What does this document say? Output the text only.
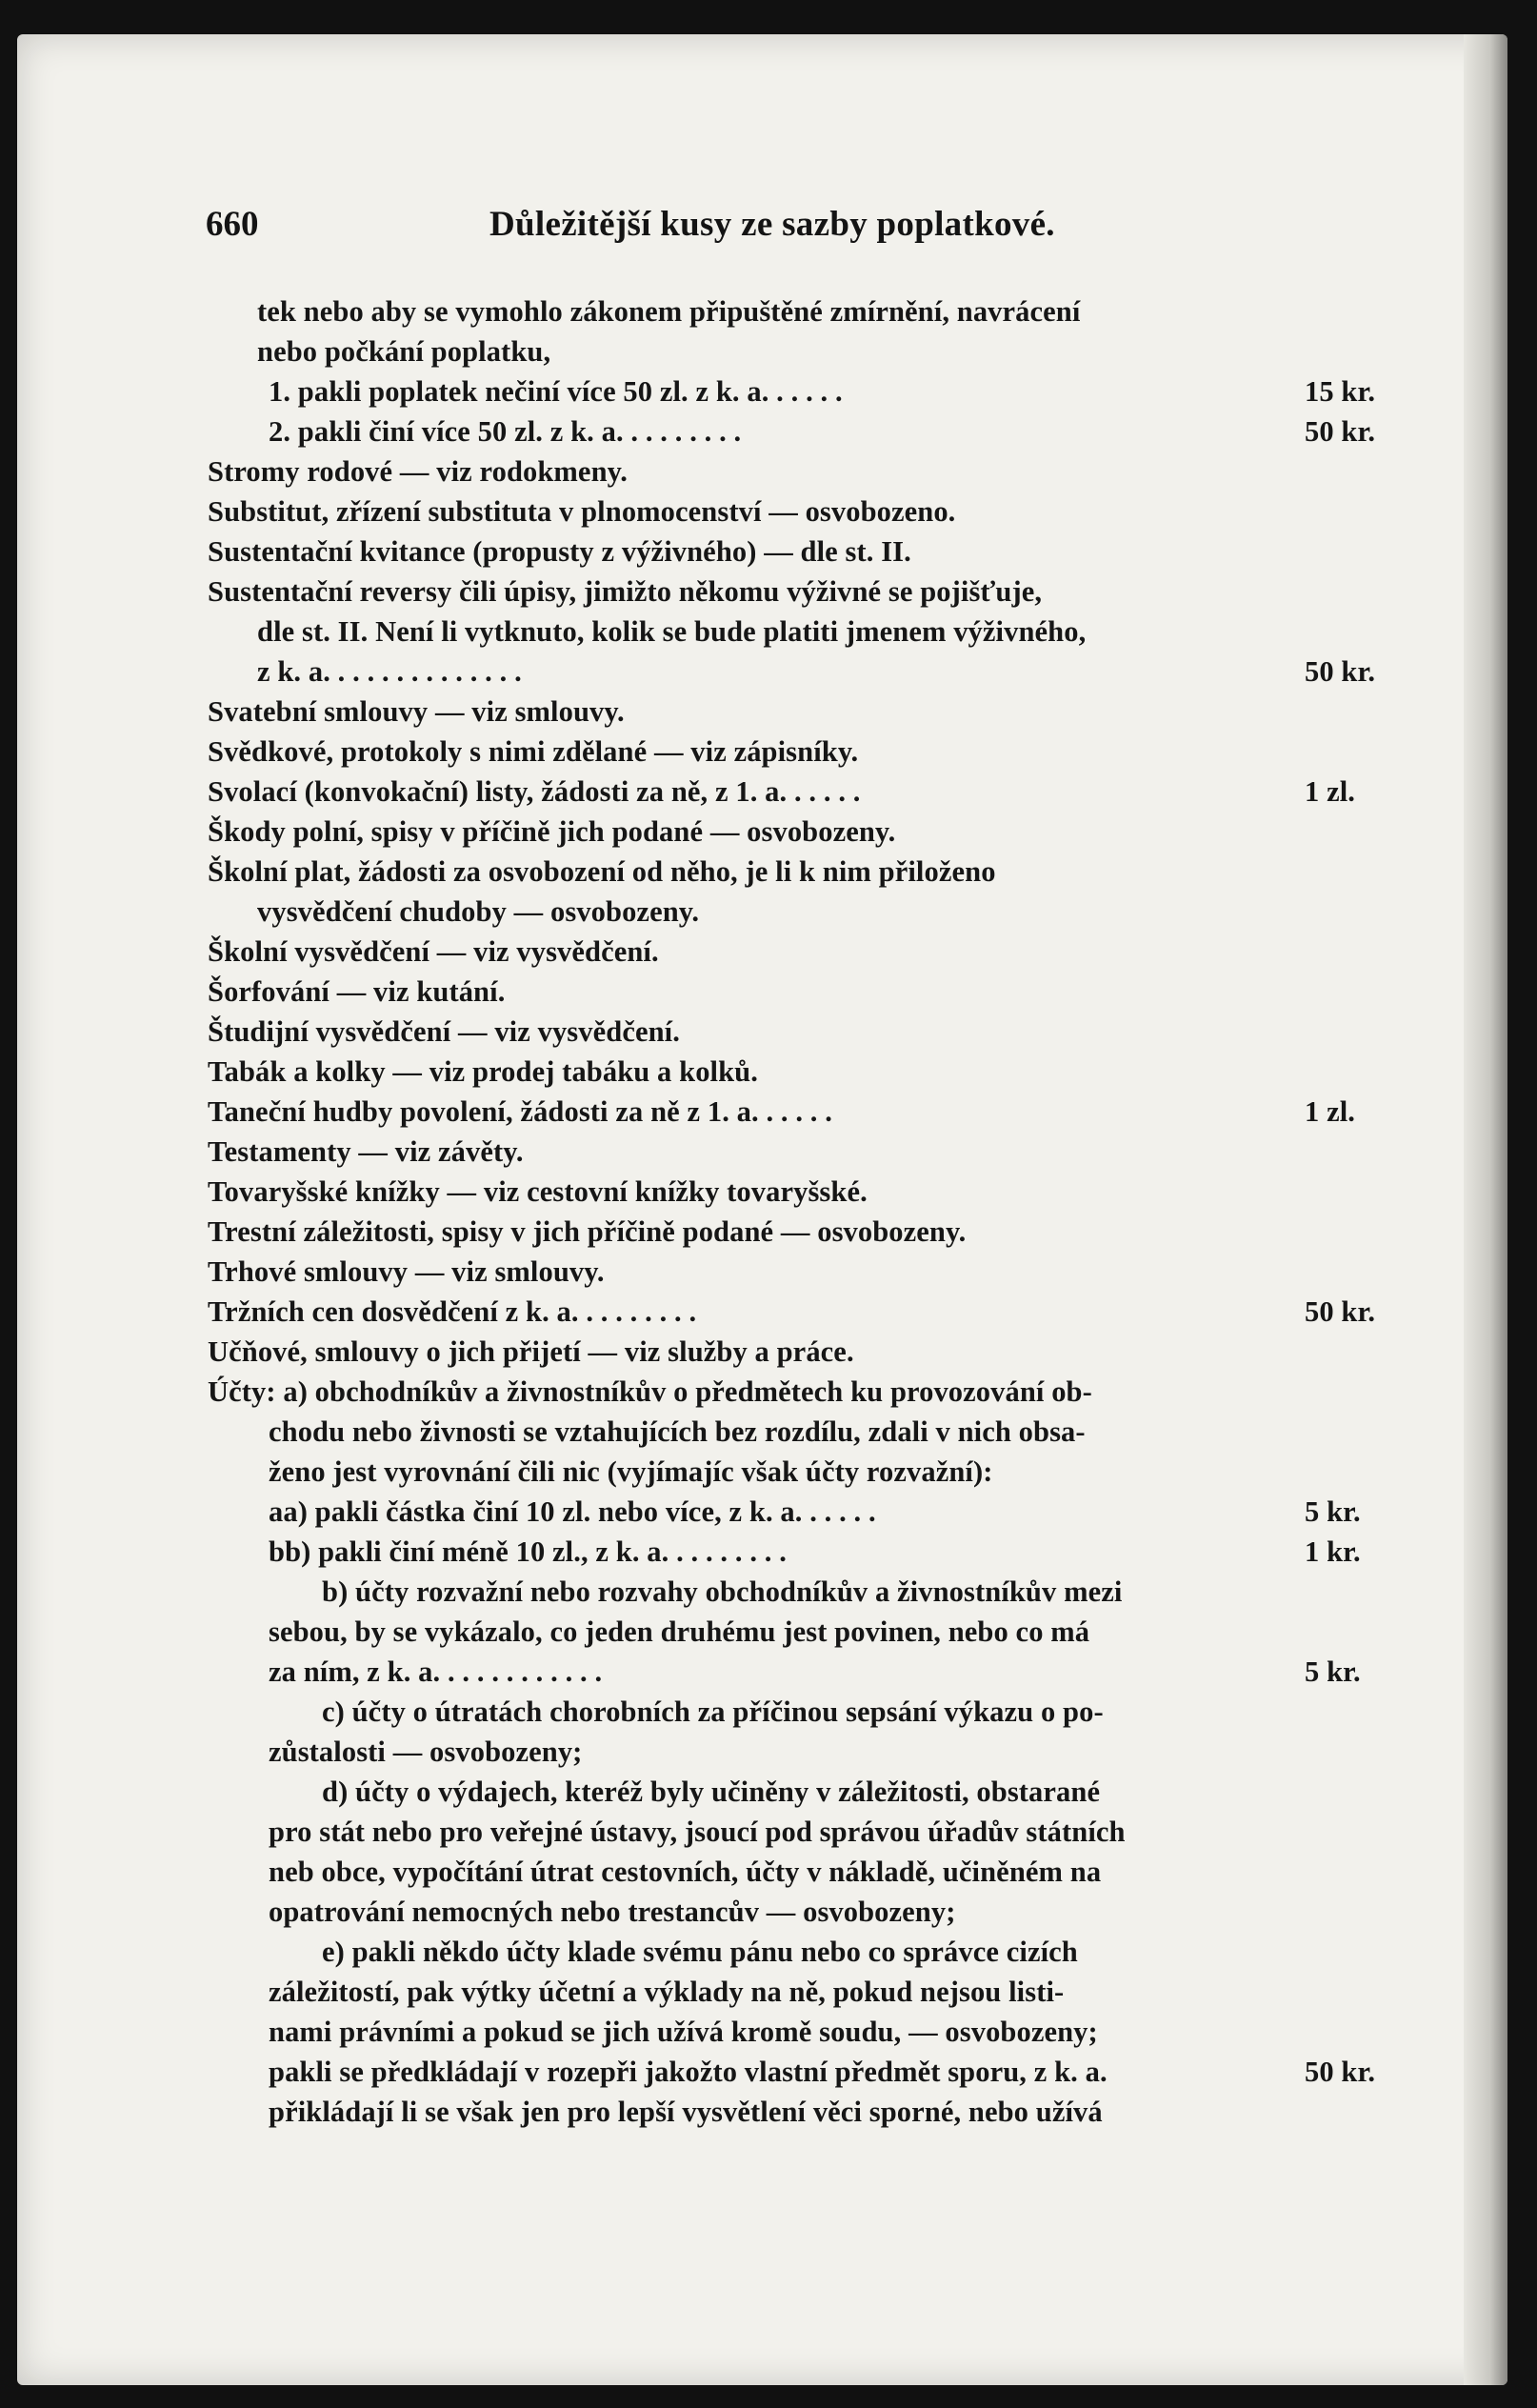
660	Důležitější kusy ze sazby poplatkové.
tek nebo aby se vymohlo zákonem připuštěné zmírnění, navrácení
nebo počkání poplatku,
1. pakli poplatek nečiní více 50 zl. z k. a. . . . . .	15 kr.
2. pakli činí více 50 zl. z k. a. . . . . . . . .	50 kr.
Stromy rodové — viz rodokmeny.
Substitut, zřízení substituta v plnomocenství — osvobozeno.
Sustentační kvitance (propusty z výživného) — dle st. II.
Sustentační reversy čili úpisy, jimižto někomu výživné se pojišťuje,
dle st. II. Není li vytknuto, kolik se bude platiti jmenem výživného,
z k. a. . . . . . . . . . . . . .	50 kr.
Svatební smlouvy — viz smlouvy.
Svědkové, protokoly s nimi zdělané — viz zápisníky.
Svolací (konvokační) listy, žádosti za ně, z 1. a. . . . . .	1 zl.
Škody polní, spisy v příčině jich podané — osvobozeny.
Školní plat, žádosti za osvobození od něho, je li k nim přiloženo
vysvědčení chudoby — osvobozeny.
Školní vysvědčení — viz vysvědčení.
Šorfování — viz kutání.
Študijní vysvědčení — viz vysvědčení.
Tabák a kolky — viz prodej tabáku a kolků.
Taneční hudby povolení, žádosti za ně z 1. a. . . . . .	1 zl.
Testamenty — viz závěty.
Tovaryšské knížky — viz cestovní knížky tovaryšské.
Trestní záležitosti, spisy v jich příčině podané — osvobozeny.
Trhové smlouvy — viz smlouvy.
Tržních cen dosvědčení z k. a. . . . . . . . .	50 kr.
Učňové, smlouvy o jich přijetí — viz služby a práce.
Účty: a) obchodníkův a živnostníkův o předmětech ku provozování ob-
chodu nebo živnosti se vztahujících bez rozdílu, zdali v nich obsa-
ženo jest vyrovnání čili nic (vyjímajíc však účty rozvažní):
aa) pakli částka činí 10 zl. nebo více, z k. a. . . . . .	5 kr.
bb) pakli činí méně 10 zl., z k. a. . . . . . . . .	1 kr.
b) účty rozvažní nebo rozvahy obchodníkův a živnostníkův mezi
sebou, by se vykázalo, co jeden druhému jest povinen, nebo co má
za ním, z k. a. . . . . . . . . . . .	5 kr.
c) účty o útratách chorobních za příčinou sepsání výkazu o po-
zůstalosti — osvobozeny;
d) účty o výdajech, kteréž byly učiněny v záležitosti, obstarané
pro stát nebo pro veřejné ústavy, jsoucí pod správou úřadův státních
neb obce, vypočítání útrat cestovních, účty v nákladě, učiněném na
opatrování nemocných nebo trestancův — osvobozeny;
e) pakli někdo účty klade svému pánu nebo co správce cizích
záležitostí, pak výtky účetní a výklady na ně, pokud nejsou listi-
nami právními a pokud se jich užívá kromě soudu, — osvobozeny;
pakli se předkládají v rozepři jakožto vlastní předmět sporu, z k. a.	50 kr.
přikládají li se však jen pro lepší vysvětlení věci sporné, nebo užívá
